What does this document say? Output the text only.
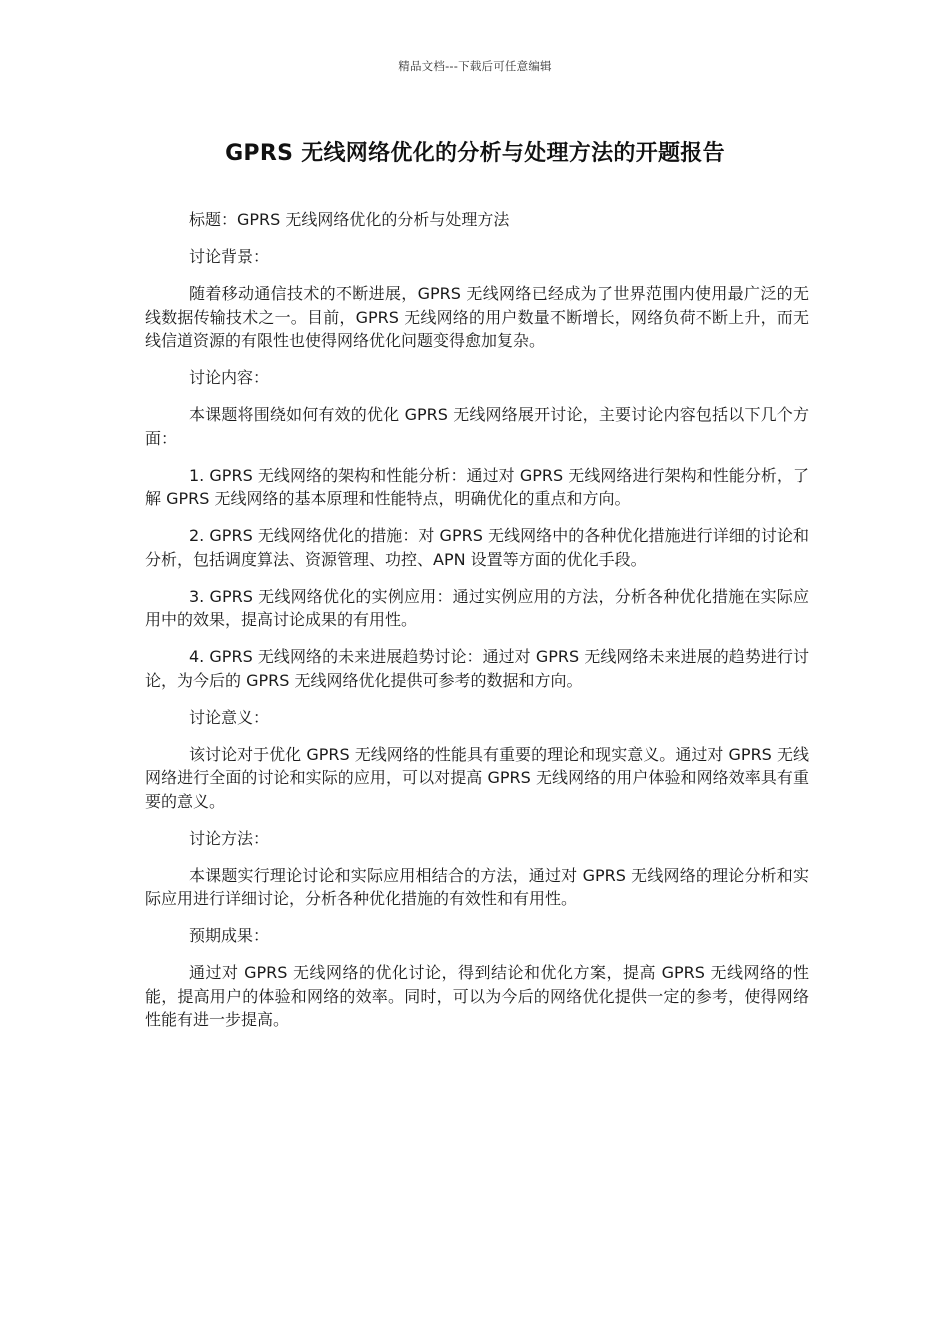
精品文档---下载后可任意编辑
GPRS 无线网络优化的分析与处理方法的开题报告

标题：GPRS 无线网络优化的分析与处理方法

讨论背景：

随着移动通信技术的不断进展，GPRS 无线网络已经成为了世界范围内使用最广泛的无线数据传输技术之一。目前，GPRS 无线网络的用户数量不断增长，网络负荷不断上升，而无线信道资源的有限性也使得网络优化问题变得愈加复杂。

讨论内容：

本课题将围绕如何有效的优化 GPRS 无线网络展开讨论，主要讨论内容包括以下几个方面：

1. GPRS 无线网络的架构和性能分析：通过对 GPRS 无线网络进行架构和性能分析，了解 GPRS 无线网络的基本原理和性能特点，明确优化的重点和方向。

2. GPRS 无线网络优化的措施：对 GPRS 无线网络中的各种优化措施进行详细的讨论和分析，包括调度算法、资源管理、功控、APN 设置等方面的优化手段。

3. GPRS 无线网络优化的实例应用：通过实例应用的方法，分析各种优化措施在实际应用中的效果，提高讨论成果的有用性。

4. GPRS 无线网络的未来进展趋势讨论：通过对 GPRS 无线网络未来进展的趋势进行讨论，为今后的 GPRS 无线网络优化提供可参考的数据和方向。

讨论意义：

该讨论对于优化 GPRS 无线网络的性能具有重要的理论和现实意义。通过对 GPRS 无线网络进行全面的讨论和实际的应用，可以对提高 GPRS 无线网络的用户体验和网络效率具有重要的意义。

讨论方法：

本课题实行理论讨论和实际应用相结合的方法，通过对 GPRS 无线网络的理论分析和实际应用进行详细讨论，分析各种优化措施的有效性和有用性。

预期成果：

通过对 GPRS 无线网络的优化讨论，得到结论和优化方案，提高 GPRS 无线网络的性能，提高用户的体验和网络的效率。同时，可以为今后的网络优化提供一定的参考，使得网络性能有进一步提高。
